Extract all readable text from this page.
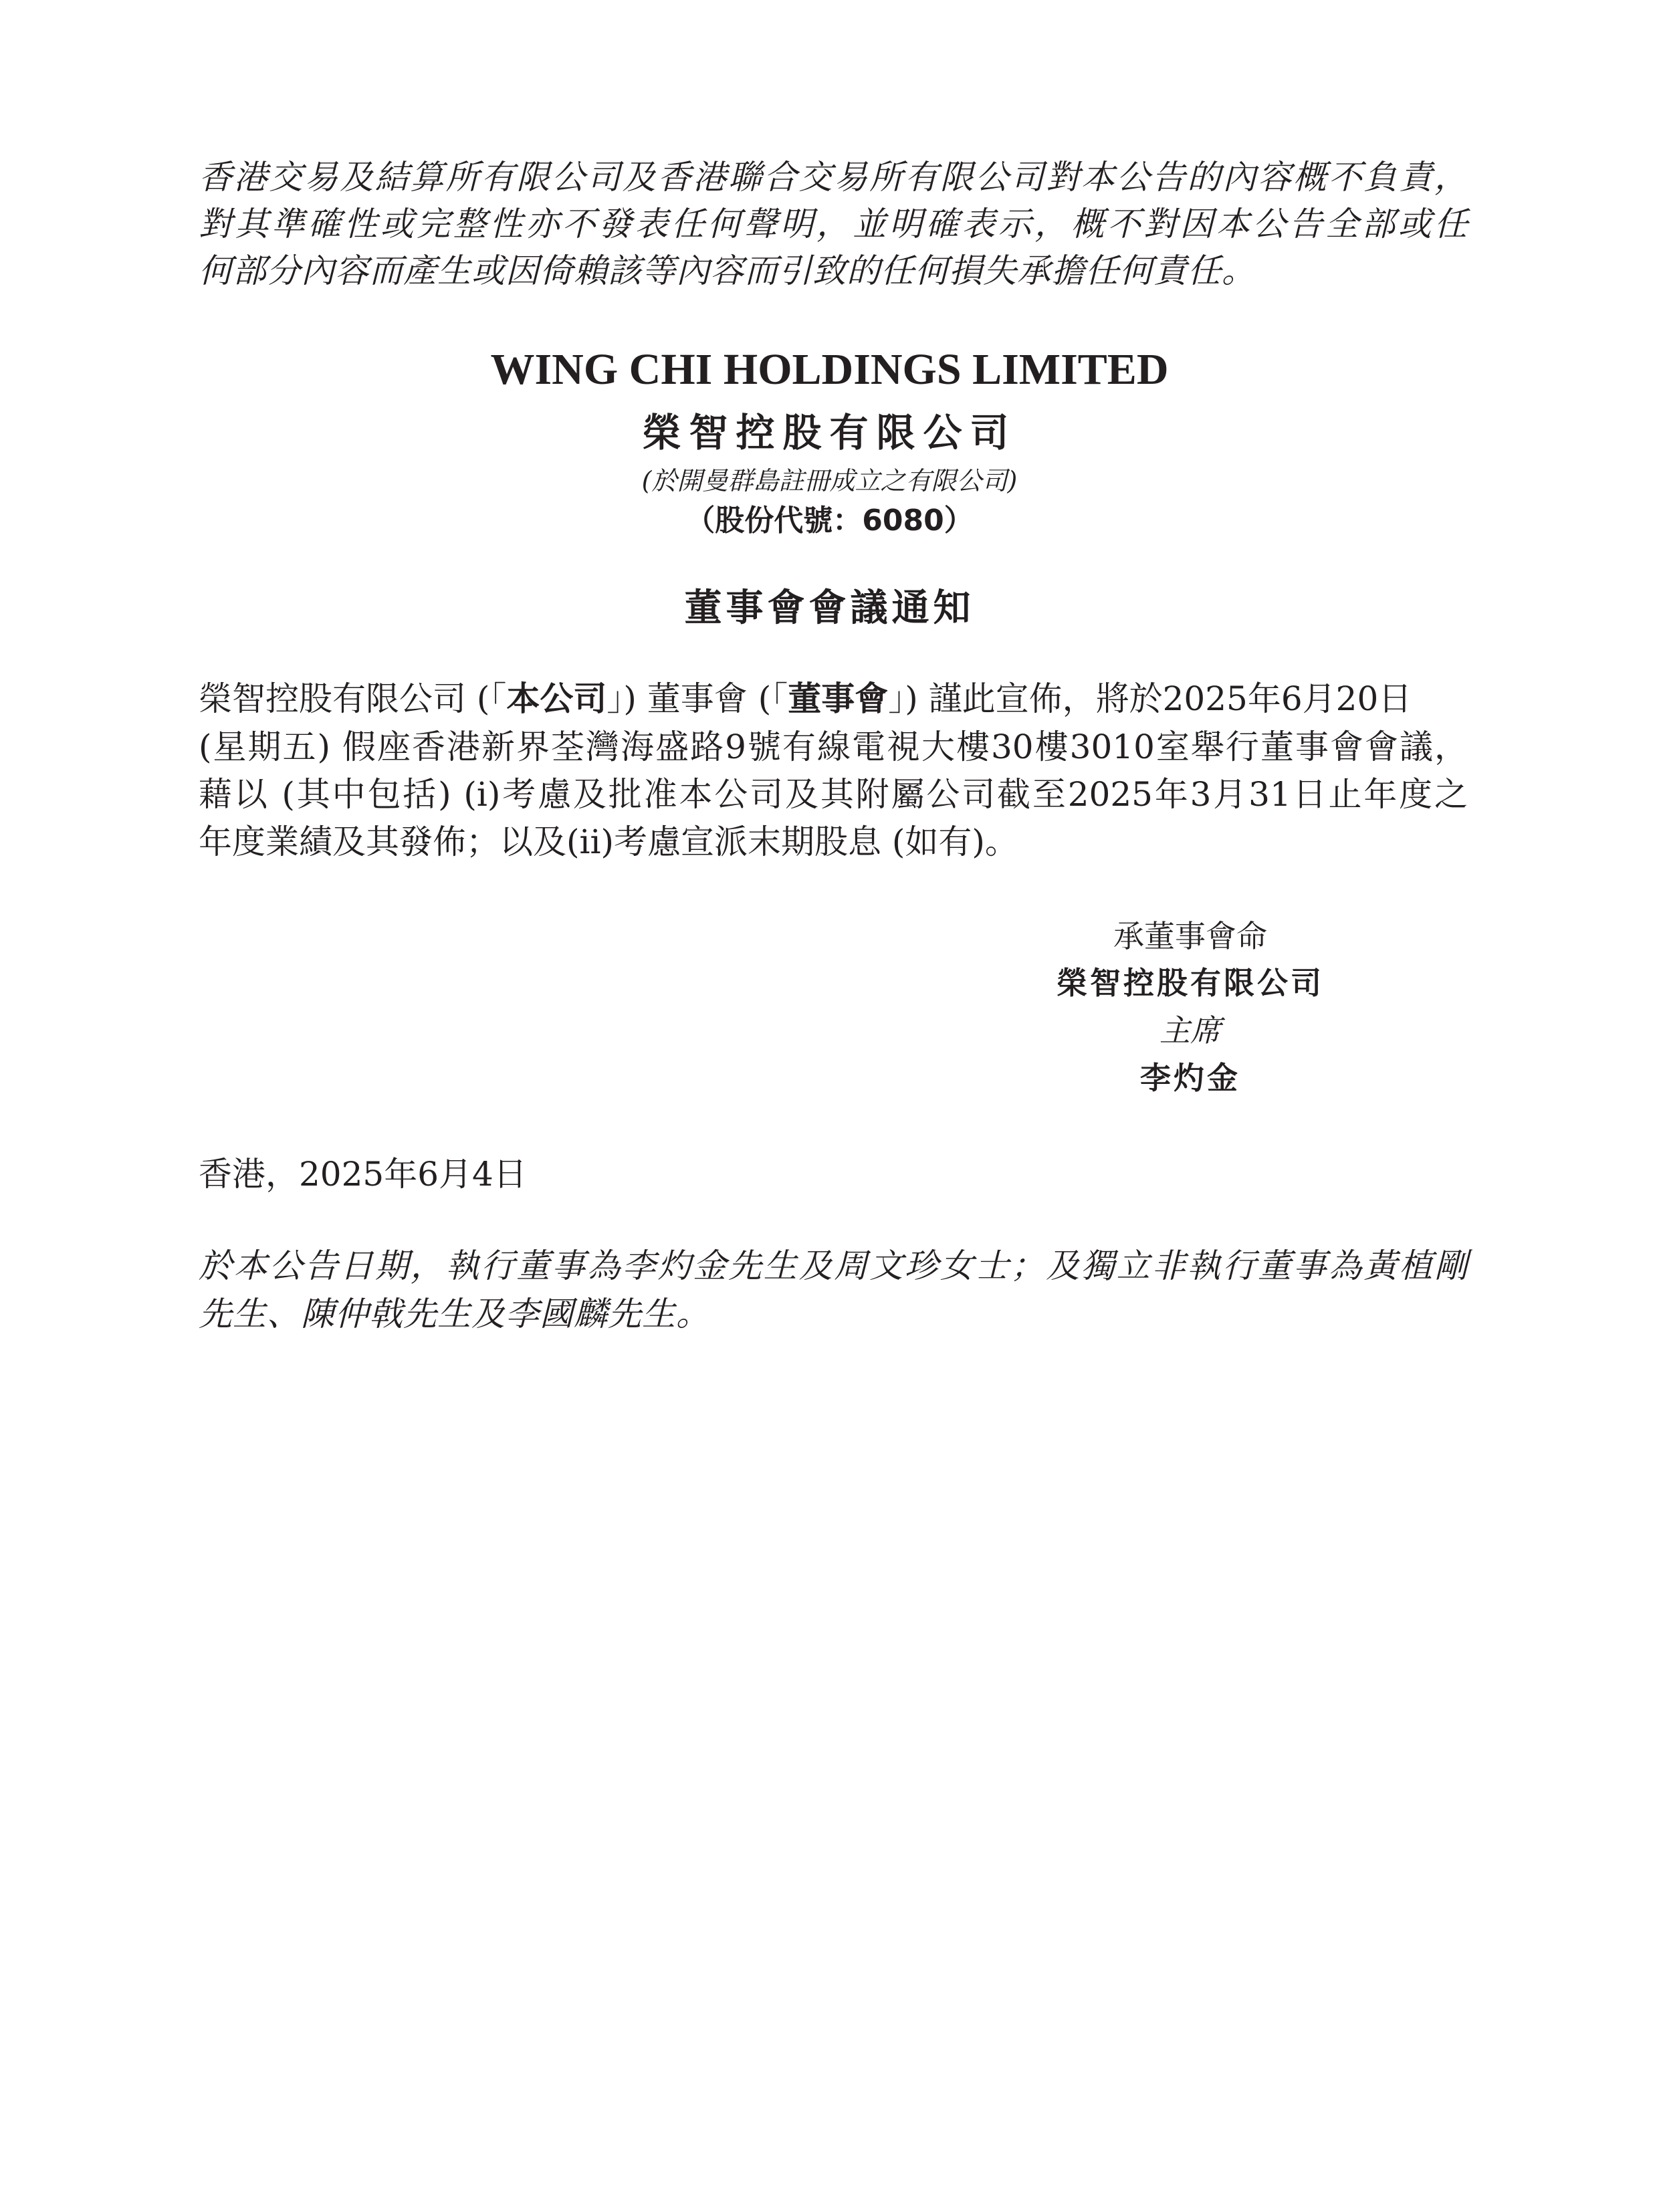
香港交易及結算所有限公司及香港聯合交易所有限公司對本公告的內容概不負責，
對其準確性或完整性亦不發表任何聲明，並明確表示，概不對因本公告全部或任
何部分內容而產生或因倚賴該等內容而引致的任何損失承擔任何責任。
WING CHI HOLDINGS LIMITED
榮智控股有限公司
(於開曼群島註冊成立之有限公司)
（股份代號：6080）
董事會會議通知
榮智控股有限公司 (「本公司」) 董事會 (「董事會」) 謹此宣佈，將於2025年6月20日
(星期五) 假座香港新界荃灣海盛路9號有線電視大樓30樓3010室舉行董事會會議，
藉以 (其中包括) (i)考慮及批准本公司及其附屬公司截至2025年3月31日止年度之
年度業績及其發佈；以及(ii)考慮宣派末期股息 (如有)。
承董事會命
榮智控股有限公司
主席
李灼金
香港，2025年6月4日
於本公告日期，執行董事為李灼金先生及周文珍女士；及獨立非執行董事為黃植剛
先生、陳仲戟先生及李國麟先生。
